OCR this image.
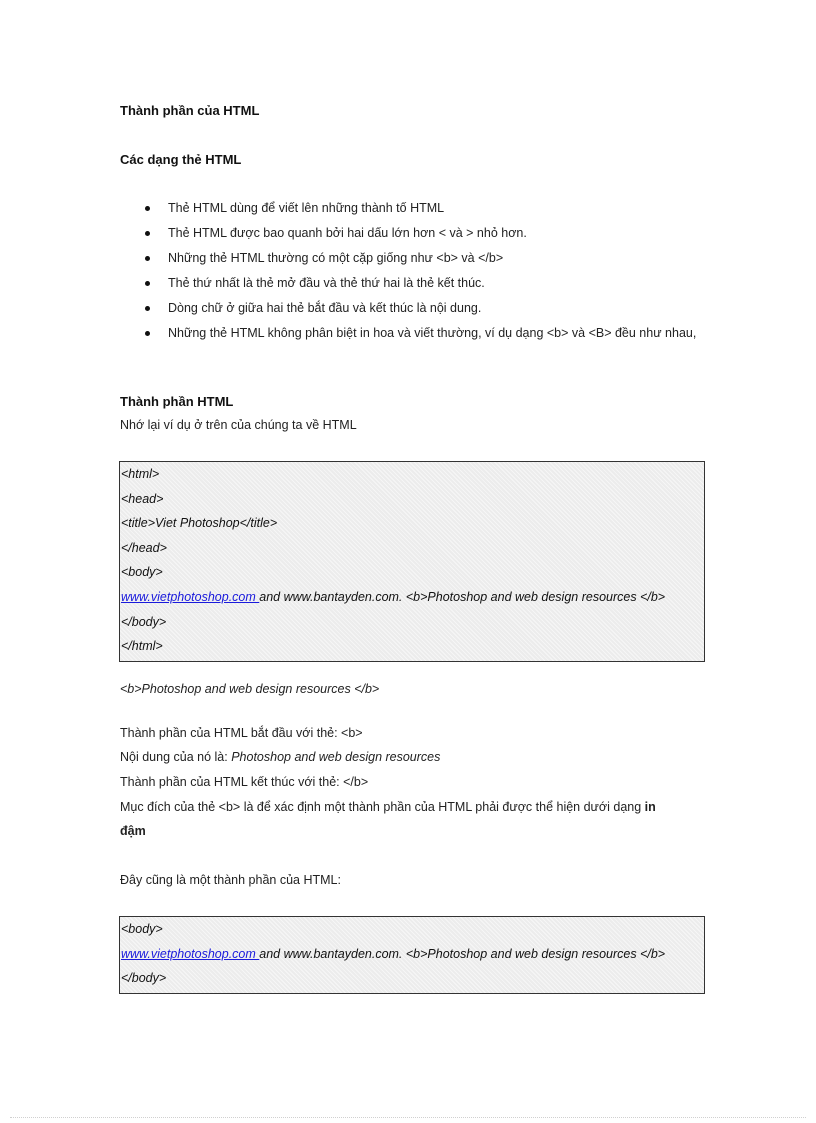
Thành phần của HTML
Các dạng thẻ HTML
Thẻ HTML dùng để viết lên những thành tố HTML
Thẻ HTML được bao quanh bởi hai dấu lớn hơn < và > nhỏ hơn.
Những thẻ HTML thường có một cặp giống như <b> và </b>
Thẻ thứ nhất là thẻ mở đầu và thẻ thứ hai là thẻ kết thúc.
Dòng chữ ở giữa hai thẻ bắt đầu và kết thúc là nội dung.
Những thẻ HTML không phân biệt in hoa và viết thường, ví dụ dạng <b> và <B> đều như nhau,
Thành phần HTML
Nhớ lại ví dụ ở trên của chúng ta về HTML
<html>
<head>
<title>Viet Photoshop</title>
</head>
<body>
www.vietphotoshop.com and www.bantayden.com. <b>Photoshop and web design resources </b>
</body>
</html>
<b>Photoshop and web design resources </b>
Thành phần của HTML bắt đầu với thẻ: <b>
Nội dung của nó là: Photoshop and web design resources
Thành phần của HTML kết thúc với thẻ: </b>
Mục đích của thẻ <b> là để xác định một thành phần của HTML phải được thể hiện dưới dạng in
đậm
Đây cũng là một thành phần của HTML:
<body>
www.vietphotoshop.com and www.bantayden.com. <b>Photoshop and web design resources </b>
</body>
